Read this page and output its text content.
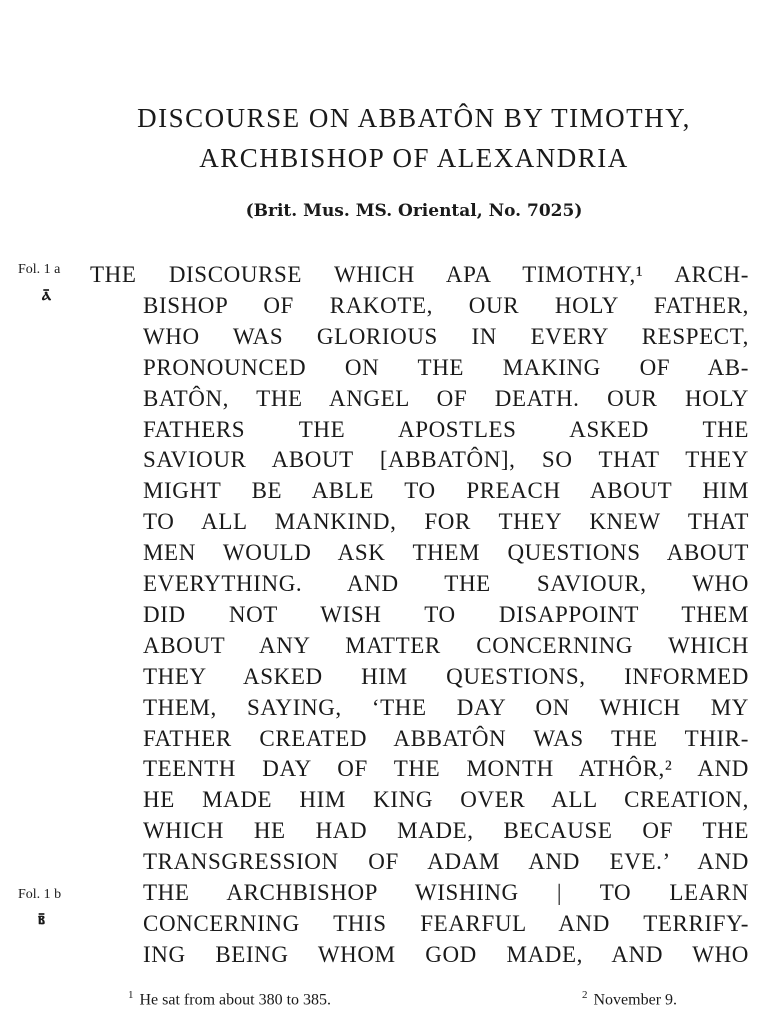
DISCOURSE ON ABBATÔN BY TIMOTHY,
ARCHBISHOP OF ALEXANDRIA
(Brit. Mus. MS. Oriental, No. 7025)
Fol. 1 a
ⲁ̄
Fol. 1 b
ⲃ̄
THE DISCOURSE WHICH APA TIMOTHY,¹ ARCH-
BISHOP OF RAKOTE, OUR HOLY FATHER,
WHO WAS GLORIOUS IN EVERY RESPECT,
PRONOUNCED ON THE MAKING OF AB-
BATÔN, THE ANGEL OF DEATH. OUR HOLY
FATHERS THE APOSTLES ASKED THE
SAVIOUR ABOUT [ABBATÔN], SO THAT THEY
MIGHT BE ABLE TO PREACH ABOUT HIM
TO ALL MANKIND, FOR THEY KNEW THAT
MEN WOULD ASK THEM QUESTIONS ABOUT
EVERYTHING. AND THE SAVIOUR, WHO
DID NOT WISH TO DISAPPOINT THEM
ABOUT ANY MATTER CONCERNING WHICH
THEY ASKED HIM QUESTIONS, INFORMED
THEM, SAYING, ‘THE DAY ON WHICH MY
FATHER CREATED ABBATÔN WAS THE THIR-
TEENTH DAY OF THE MONTH ATHÔR,² AND
HE MADE HIM KING OVER ALL CREATION,
WHICH HE HAD MADE, BECAUSE OF THE
TRANSGRESSION OF ADAM AND EVE.’ AND
THE ARCHBISHOP WISHING | TO LEARN
CONCERNING THIS FEARFUL AND TERRIFY-
ING BEING WHOM GOD MADE, AND WHO
$^1$ He sat from about 380 to 385.	$^2$ November 9.
